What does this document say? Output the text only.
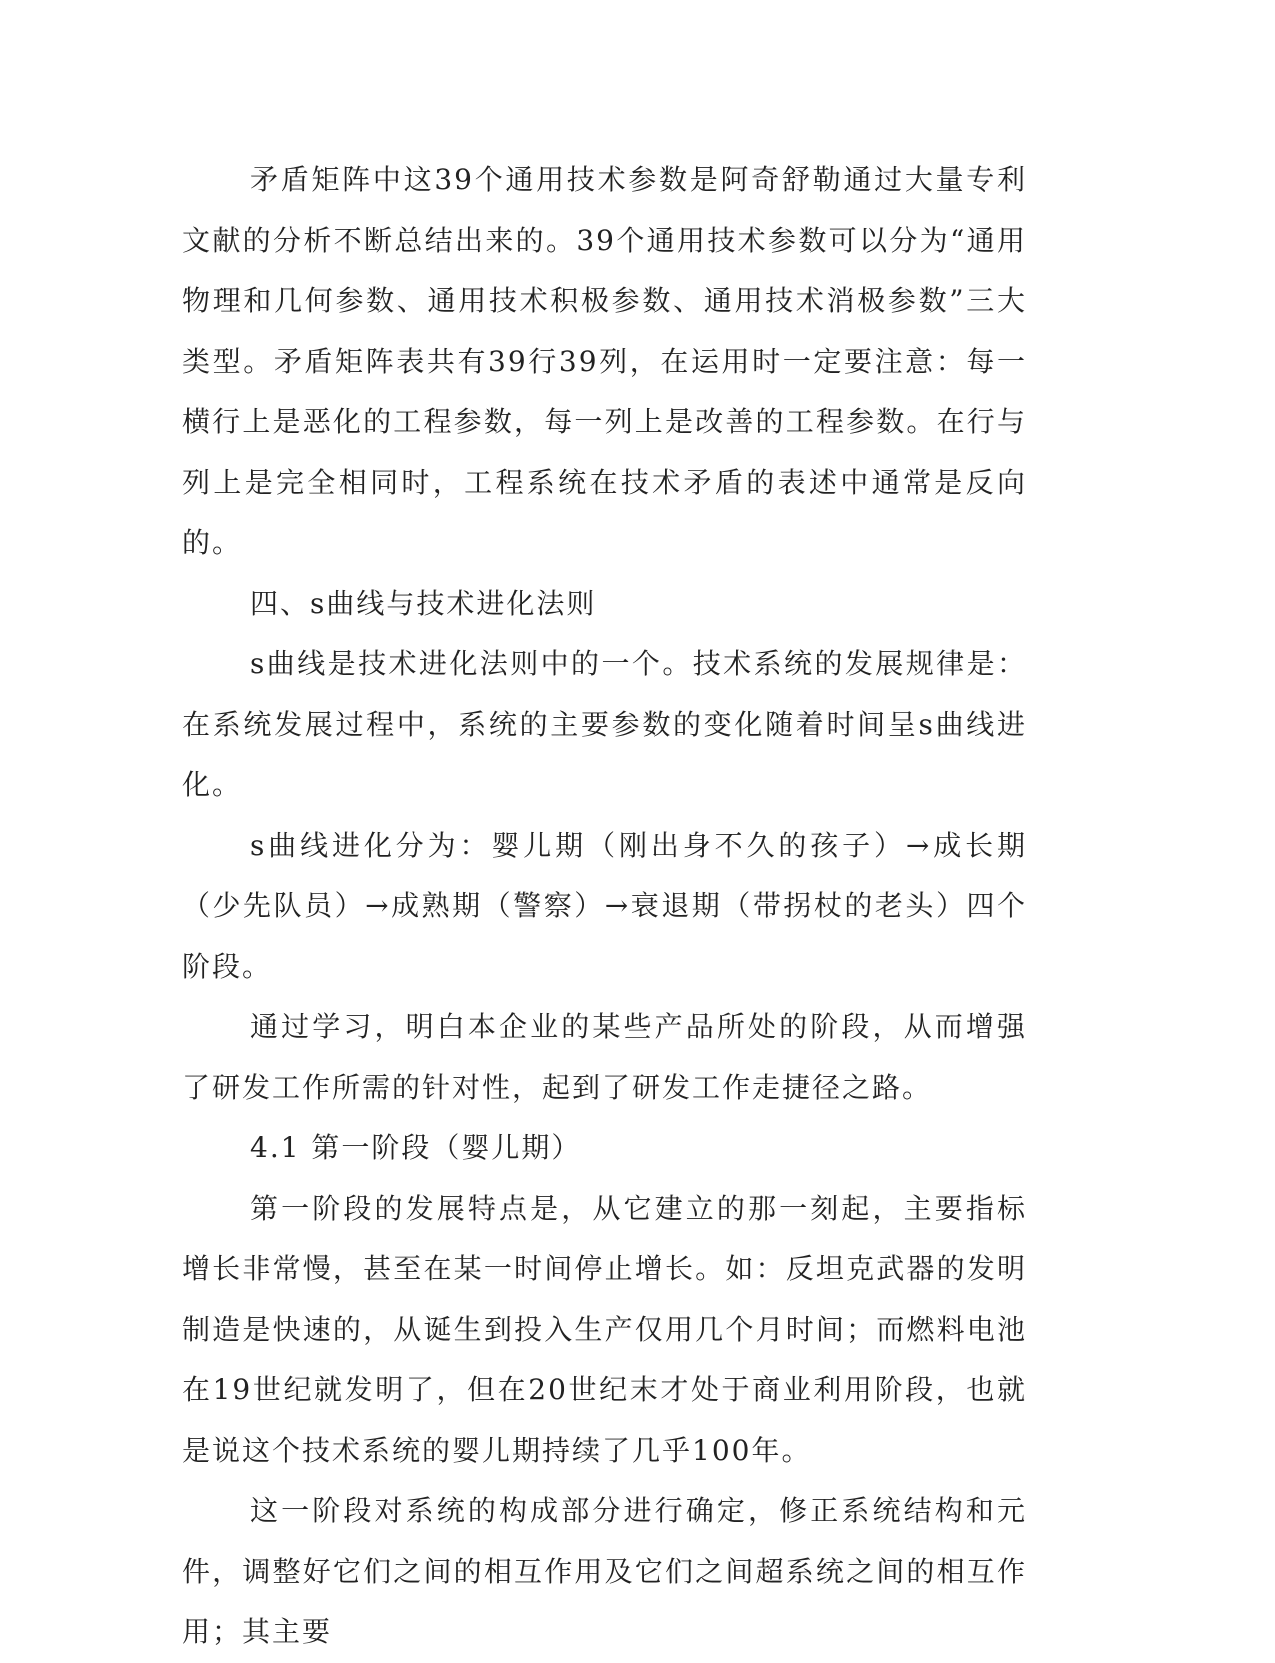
矛盾矩阵中这39个通用技术参数是阿奇舒勒通过大量专利文献的分析不断总结出来的。39个通用技术参数可以分为“通用物理和几何参数、通用技术积极参数、通用技术消极参数”三大类型。矛盾矩阵表共有39行39列，在运用时一定要注意：每一横行上是恶化的工程参数，每一列上是改善的工程参数。在行与列上是完全相同时，工程系统在技术矛盾的表述中通常是反向的。

四、s曲线与技术进化法则

s曲线是技术进化法则中的一个。技术系统的发展规律是：在系统发展过程中，系统的主要参数的变化随着时间呈s曲线进化。

s曲线进化分为：婴儿期（刚出身不久的孩子）→成长期（少先队员）→成熟期（警察）→衰退期（带拐杖的老头）四个阶段。

通过学习，明白本企业的某些产品所处的阶段，从而增强了研发工作所需的针对性，起到了研发工作走捷径之路。

4.1 第一阶段（婴儿期）

第一阶段的发展特点是，从它建立的那一刻起，主要指标增长非常慢，甚至在某一时间停止增长。如：反坦克武器的发明制造是快速的，从诞生到投入生产仅用几个月时间；而燃料电池在19世纪就发明了，但在20世纪末才处于商业利用阶段，也就是说这个技术系统的婴儿期持续了几乎100年。

这一阶段对系统的构成部分进行确定，修正系统结构和元件，调整好它们之间的相互作用及它们之间超系统之间的相互作用；其主要
